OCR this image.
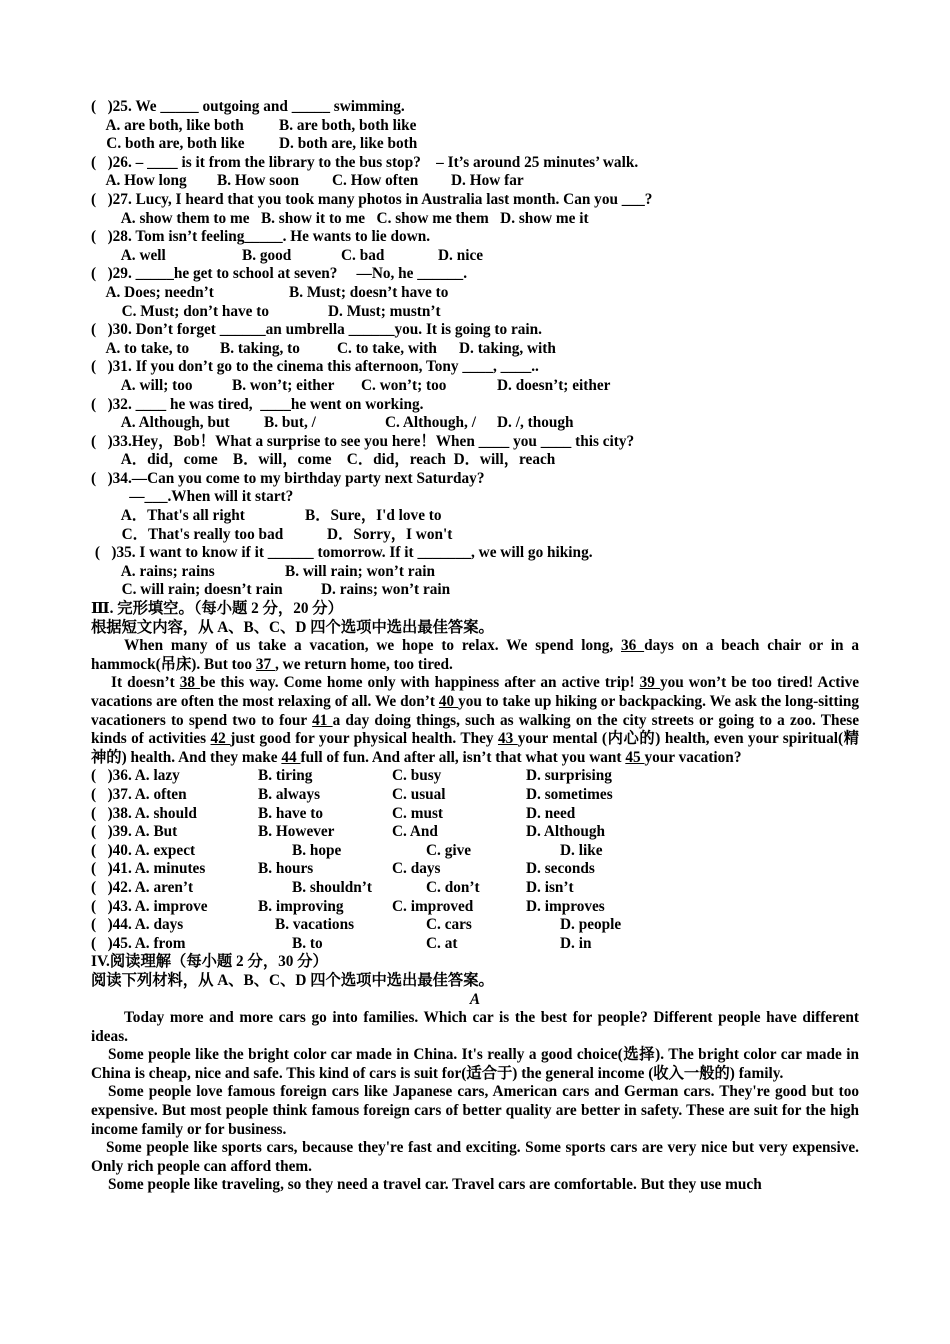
(   )25. We _____ outgoing and _____ swimming.
A. are both, like both B. are both, both like
C. both are, both like D. both are, like both
(   )26. – ____ is it from the library to the bus stop?    – It’s around 25 minutes’ walk.
A. How long B. How soon C. How often D. How far
(   )27. Lucy, I heard that you took many photos in Australia last month. Can you ___?
A. show them to me   B. show it to me   C. show me them   D. show me it
(   )28. Tom isn’t feeling_____. He wants to lie down.
A. well	B. good	C. bad	D. nice
(   )29. _____he get to school at seven?     —No, he ______.
A. Does; needn’t	B. Must; doesn’t have to
C. Must; don’t have to	D. Must; mustn’t
(   )30. Don’t forget ______an umbrella ______you. It is going to rain.
A. to take, to B. taking, to C. to take, with D. taking, with
(   )31. If you don’t go to the cinema this afternoon, Tony ____, ____..
A. will; too	B. won’t; either C. won’t; too	D. doesn’t; either
(   )32. ____ he was tired,  ____he went on working.
A. Although, but B. but, /	C. Although, / D. /, though
(   )33.Hey，Bob！What a surprise to see you here！When ____ you ____ this city?
A．did，come    B．will，come    C．did，reach  D．will，reach
(   )34.—Can you come to my birthday party next Saturday?
—___.When will it start?
A．That's all right	B．Sure，I'd love to
C．That's really too bad	D．Sorry，I won't
(   )35. I want to know if it ______ tomorrow. If it _______, we will go hiking.
A. rains; rains	B. will rain; won’t rain
C. will rain; doesn’t rain	D. rains; won’t rain
Ⅲ. 完形填空。（每小题 2 分，20 分）
根据短文内容，从 A、B、C、D 四个选项中选出最佳答案。
When many of us take a vacation, we hope to relax. We spend long, 36 days on a beach chair or in a hammock(吊床). But too 37 , we return home, too tired.
It doesn’t 38 be this way. Come home only with happiness after an active trip! 39 you won’t be too tired! Active vacations are often the most relaxing of all. We don’t 40 you to take up hiking or backpacking. We ask the long-sitting vacationers to spend two to four 41 a day doing things, such as walking on the city streets or going to a zoo. These kinds of activities 42 just good for your physical health. They 43 your mental (内心的) health, even your spiritual(精神的) health. And they make 44 full of fun. And after all, isn’t that what you want 45 your vacation?
(   )36. A. lazy	B. tiring	C. busy	D. surprising
(   )37. A. often	B. always	C. usual	D. sometimes
(   )38. A. should	B. have to	C. must	D. need
(   )39. A. But	B. However	C. And	D. Although
(   )40. A. expect	B. hope	C. give	D. like
(   )41. A. minutes	B. hours	C. days	D. seconds
(   )42. A. aren’t	B. shouldn’t	C. don’t	D. isn’t
(   )43. A. improve	B. improving	C. improved	D. improves
(   )44. A. days	B. vacations	C. cars	D. people
(   )45. A. from	B. to	C. at	D. in
IV.阅读理解（每小题 2 分，30 分）
阅读下列材料，从 A、B、C、D 四个选项中选出最佳答案。
A
Today more and more cars go into families. Which car is the best for people? Different people have different ideas.
Some people like the bright color car made in China. It's really a good choice(选择). The bright color car made in China is cheap, nice and safe. This kind of cars is suit for(适合于) the general income (收入一般的) family.
Some people love famous foreign cars like Japanese cars, American cars and German cars. They're good but too expensive. But most people think famous foreign cars of better quality are better in safety. These are suit for the high income family or for business.
Some people like sports cars, because they're fast and exciting. Some sports cars are very nice but very expensive. Only rich people can afford them.
Some people like traveling, so they need a travel car. Travel cars are comfortable. But they use much
